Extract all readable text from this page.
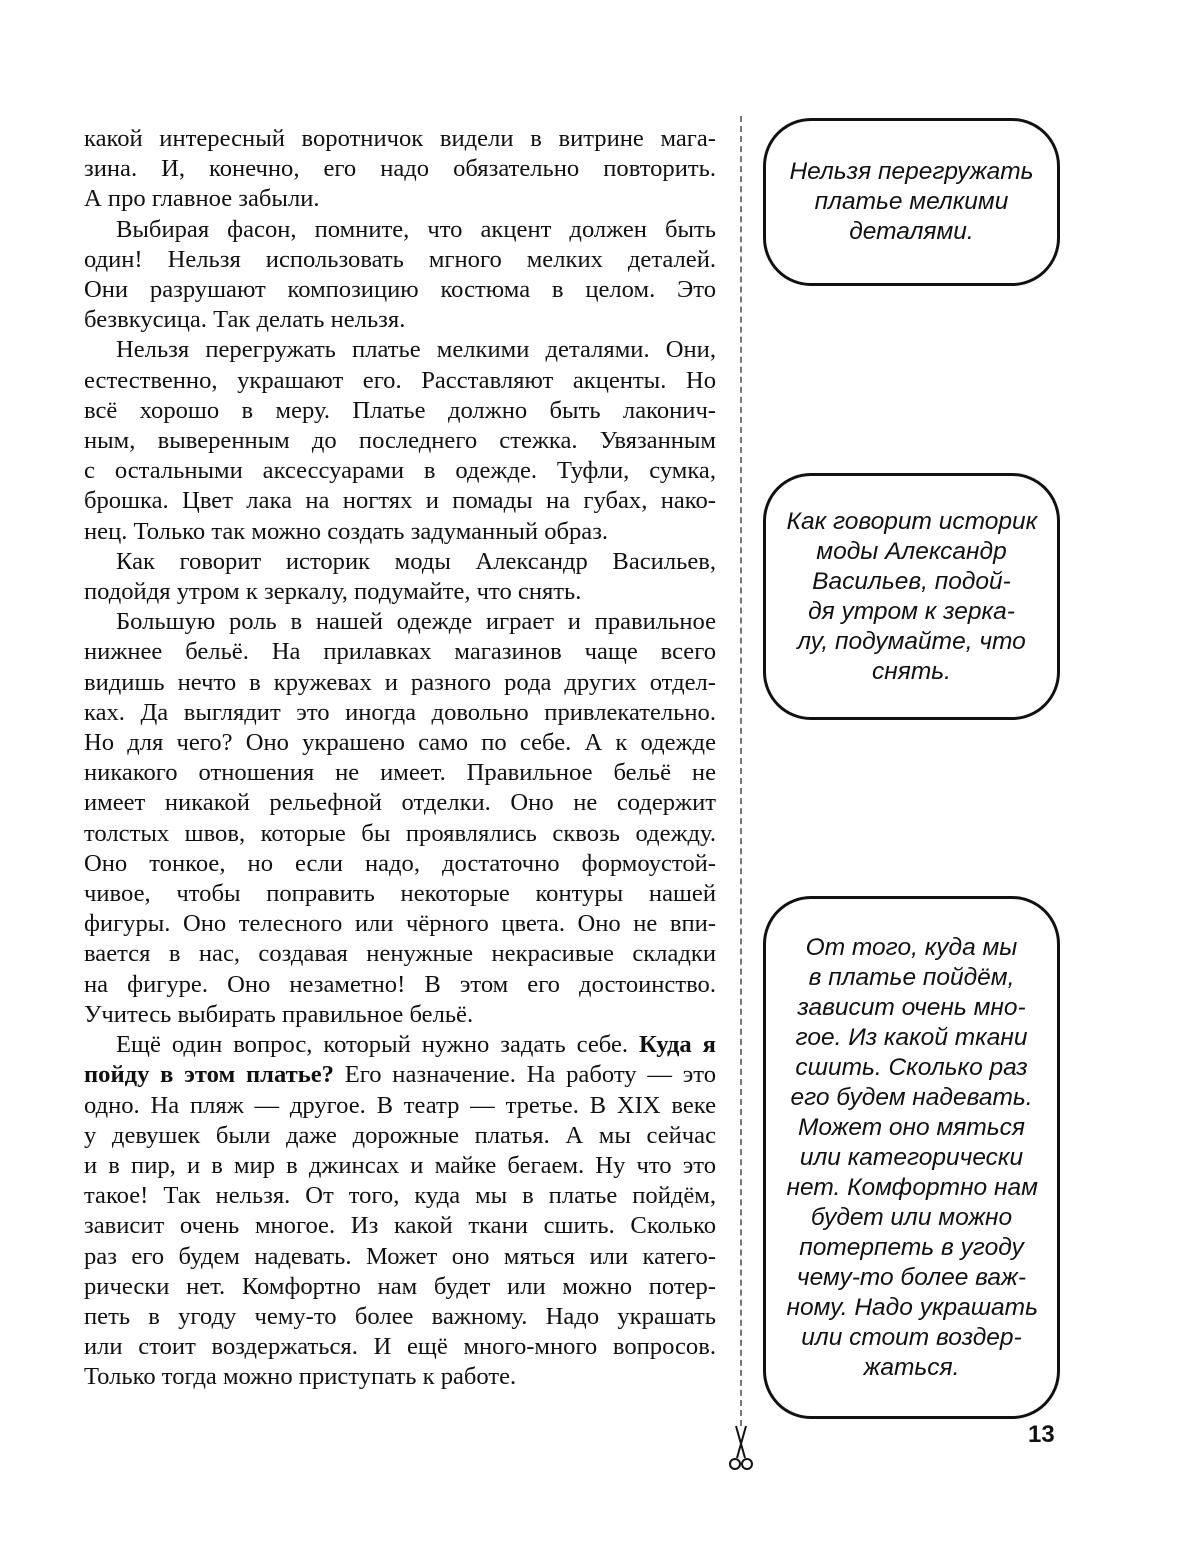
какой интересный воротничок видели в витрине мага-
зина. И, конечно, его надо обязательно повторить.
А про главное забыли.

Выбирая фасон, помните, что акцент должен быть
один! Нельзя использовать мгного мелких деталей.
Они разрушают композицию костюма в целом. Это
безвкусица. Так делать нельзя.

Нельзя перегружать платье мелкими деталями. Они,
естественно, украшают его. Расставляют акценты. Но
всё хорошо в меру. Платье должно быть лаконич-
ным, выверенным до последнего стежка. Увязанным
с остальными аксессуарами в одежде. Туфли, сумка,
брошка. Цвет лака на ногтях и помады на губах, нако-
нец. Только так можно создать задуманный образ.

Как говорит историк моды Александр Васильев,
подойдя утром к зеркалу, подумайте, что снять.

Большую роль в нашей одежде играет и правильное
нижнее бельё. На прилавках магазинов чаще всего
видишь нечто в кружевах и разного рода других отдел-
ках. Да выглядит это иногда довольно привлекательно.
Но для чего? Оно украшено само по себе. А к одежде
никакого отношения не имеет. Правильное бельё не
имеет никакой рельефной отделки. Оно не содержит
толстых швов, которые бы проявлялись сквозь одежду.
Оно тонкое, но если надо, достаточно формоустой-
чивое, чтобы поправить некоторые контуры нашей
фигуры. Оно телесного или чёрного цвета. Оно не впи-
вается в нас, создавая ненужные некрасивые складки
на фигуре. Оно незаметно! В этом его достоинство.
Учитесь выбирать правильное бельё.

Ещё один вопрос, который нужно задать себе. Куда я
пойду в этом платье? Его назначение. На работу — это
одно. На пляж — другое. В театр — третье. В XIX веке
у девушек были даже дорожные платья. А мы сейчас
и в пир, и в мир в джинсах и майке бегаем. Ну что это
такое! Так нельзя. От того, куда мы в платье пойдём,
зависит очень многое. Из какой ткани сшить. Сколько
раз его будем надевать. Может оно мяться или катего-
рически нет. Комфортно нам будет или можно потер-
петь в угоду чему-то более важному. Надо украшать
или стоит воздержаться. И ещё много-много вопросов.
Только тогда можно приступать к работе.

Нельзя перегружать
платье мелкими
деталями.
Как говорит историк
моды Александр
Васильев, подой-
дя утром к зерка-
лу, подумайте, что
снять.
От того, куда мы
в платье пойдём,
зависит очень мно-
гое. Из какой ткани
сшить. Сколько раз
его будем надевать.
Может оно мяться
или категорически
нет. Комфортно нам
будет или можно
потерпеть в угоду
чему-то более важ-
ному. Надо украшать
или стоит воздер-
жаться.
13
